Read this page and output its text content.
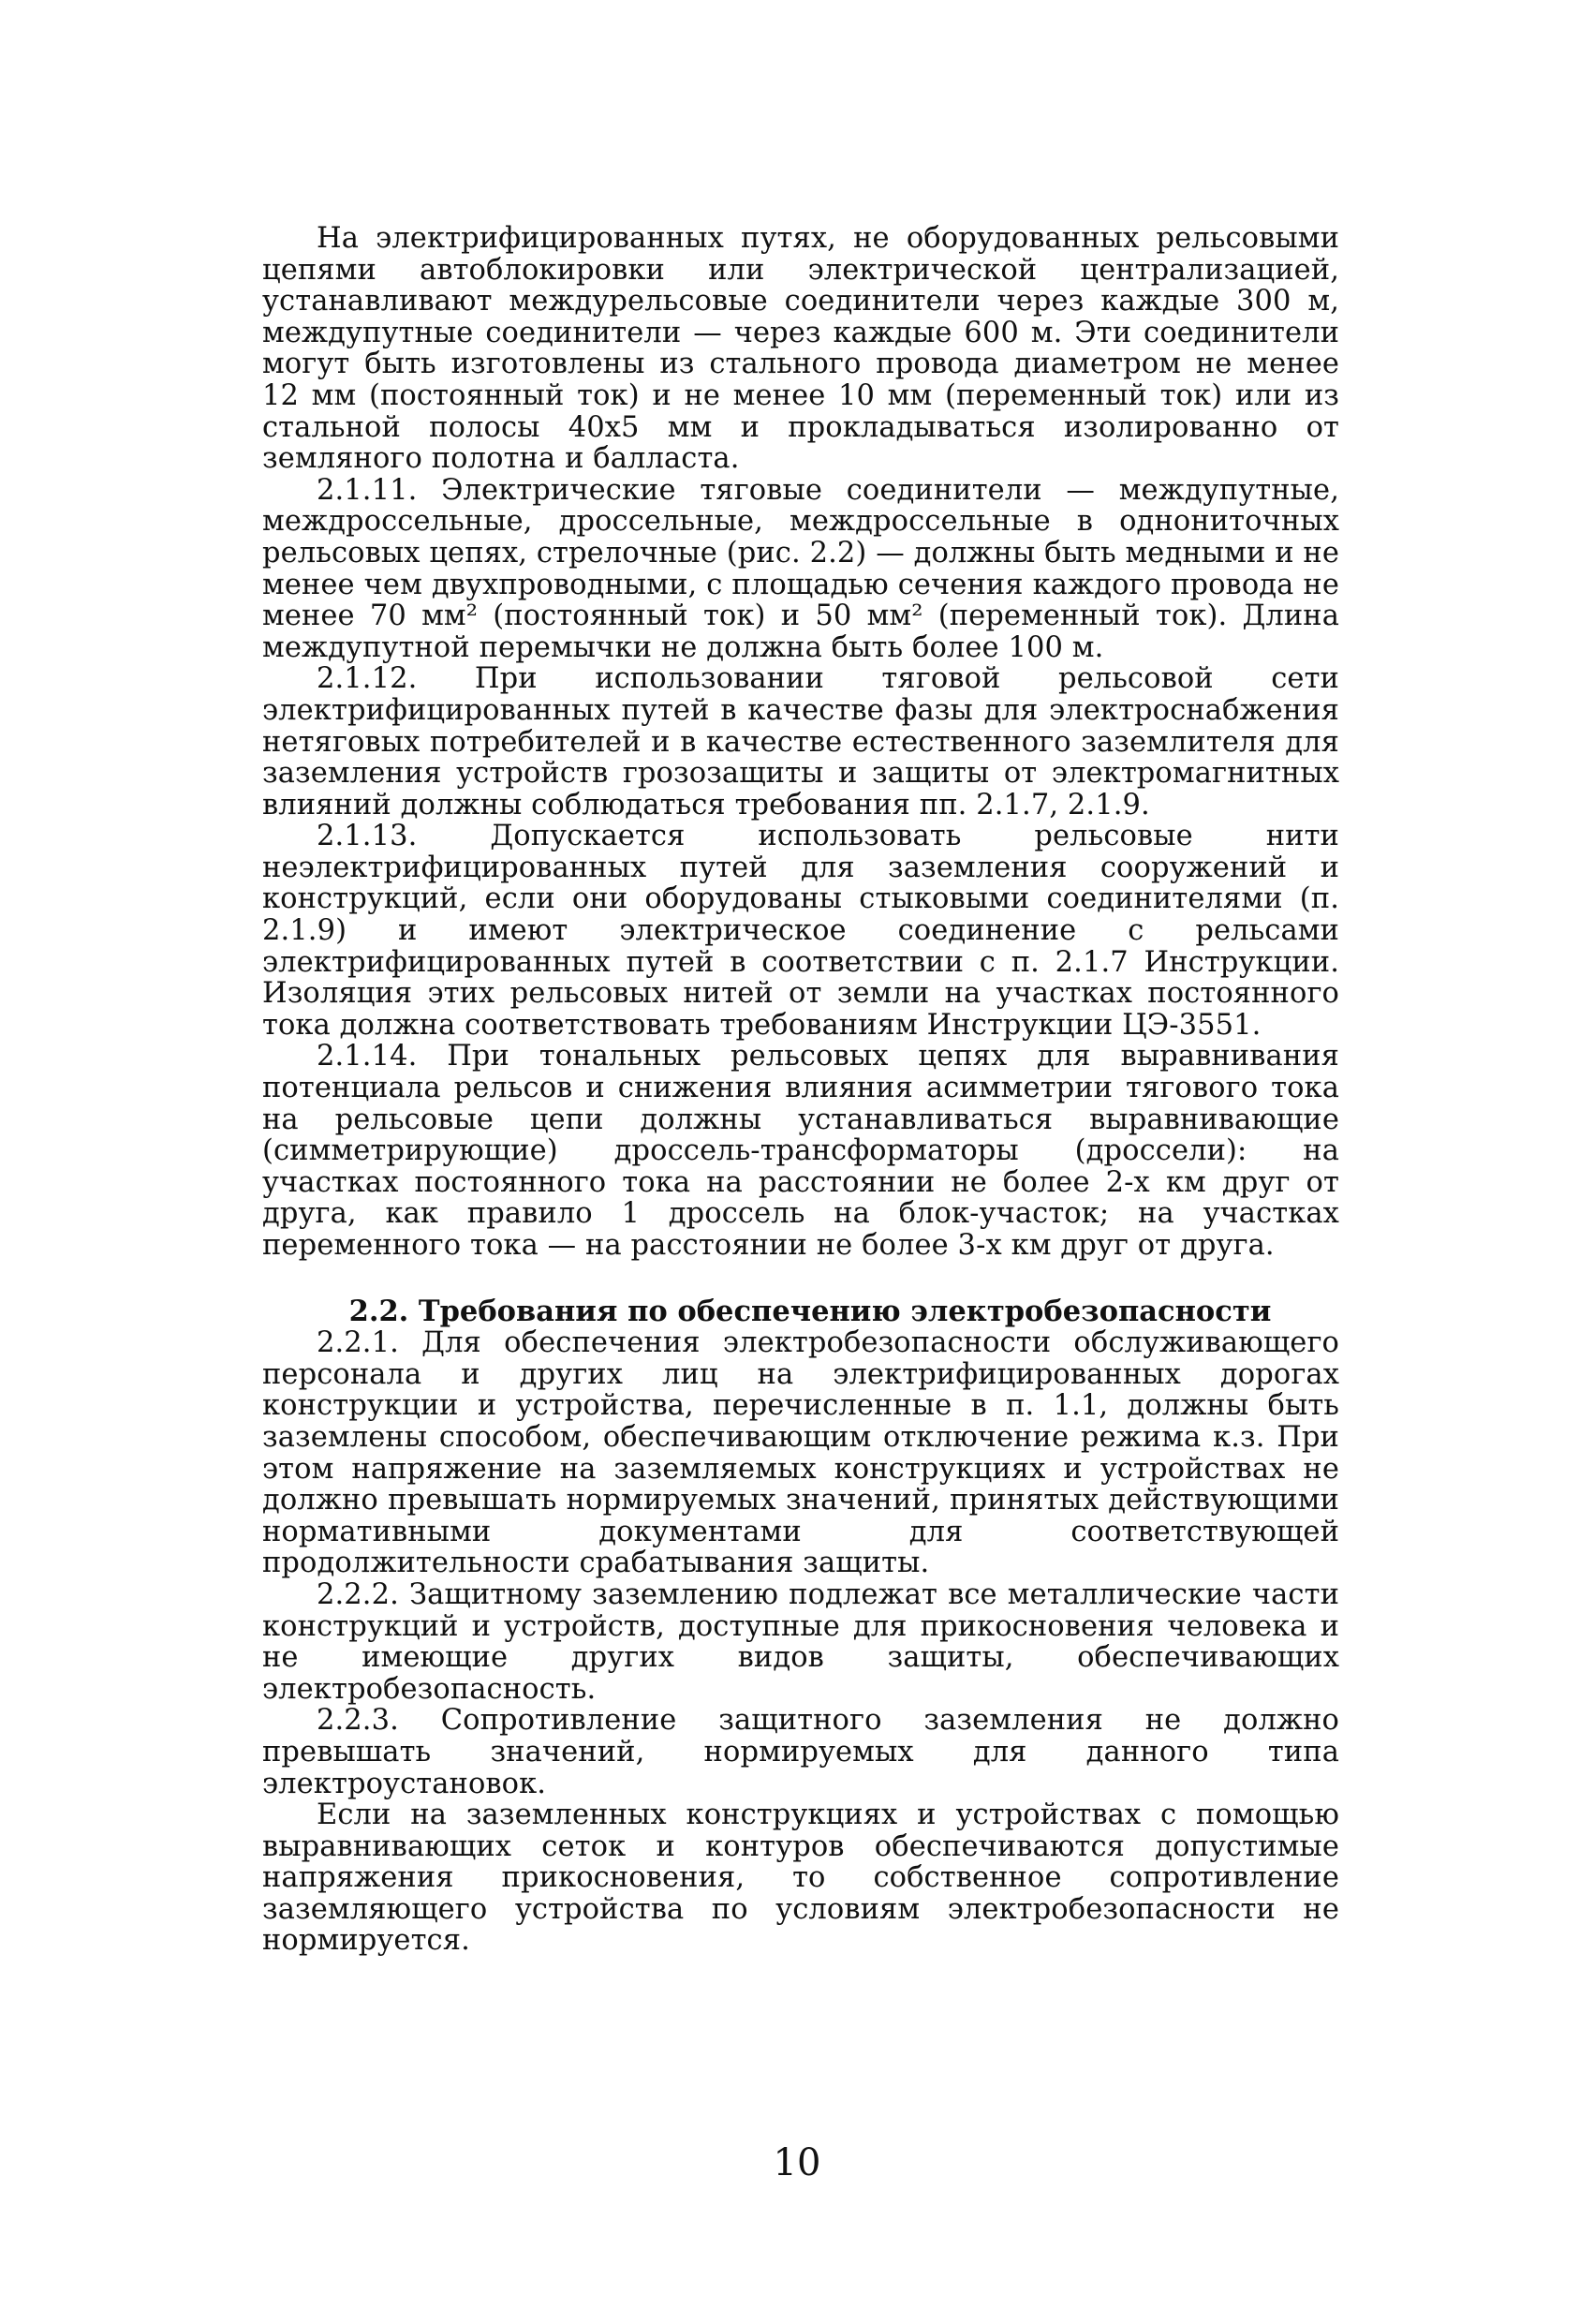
На электрифицированных путях, не оборудованных рельсовыми цепями автоблокировки или электрической централизацией, устанавливают междурельсовые соединители через каждые 300 м, междупутные соединители — через каждые 600 м. Эти соединители могут быть изготовлены из стального провода диаметром не менее 12 мм (постоянный ток) и не менее 10 мм (переменный ток) или из стальной полосы 40x5 мм и прокладываться изолированно от земляного полотна и балласта.

2.1.11. Электрические тяговые соединители — междупутные, междроссельные, дроссельные, междроссельные в однониточных рельсовых цепях, стрелочные (рис. 2.2) — должны быть медными и не менее чем двухпроводными, с площадью сечения каждого провода не менее 70 мм² (постоянный ток) и 50 мм² (переменный ток). Длина междупутной перемычки не должна быть более 100 м.

2.1.12. При использовании тяговой рельсовой сети электрифицированных путей в качестве фазы для электроснабжения нетяговых потребителей и в качестве естественного заземлителя для заземления устройств грозозащиты и защиты от электромагнитных влияний должны соблюдаться требования пп. 2.1.7, 2.1.9.

2.1.13. Допускается использовать рельсовые нити неэлектрифицированных путей для заземления сооружений и конструкций, если они оборудованы стыковыми соединителями (п. 2.1.9) и имеют электрическое соединение с рельсами электрифицированных путей в соответствии с п. 2.1.7 Инструкции. Изоляция этих рельсовых нитей от земли на участках постоянного тока должна соответствовать требованиям Инструкции ЦЭ-3551.

2.1.14. При тональных рельсовых цепях для выравнивания потенциала рельсов и снижения влияния асимметрии тягового тока на рельсовые цепи должны устанавливаться выравнивающие (симметрирующие) дроссель-трансформаторы (дроссели): на участках постоянного тока на расстоянии не более 2-х км друг от друга, как правило 1 дроссель на блок-участок; на участках переменного тока — на расстоянии не более 3-х км друг от друга.

2.2. Требования по обеспечению электробезопасности

2.2.1. Для обеспечения электробезопасности обслуживающего персонала и других лиц на электрифицированных дорогах конструкции и устройства, перечисленные в п. 1.1, должны быть заземлены способом, обеспечивающим отключение режима к.з. При этом напряжение на заземляемых конструкциях и устройствах не должно превышать нормируемых значений, принятых действующими нормативными документами для соответствующей продолжительности срабатывания защиты.

2.2.2. Защитному заземлению подлежат все металлические части конструкций и устройств, доступные для прикосновения человека и не имеющие других видов защиты, обеспечивающих электробезопасность.

2.2.3. Сопротивление защитного заземления не должно превышать значений, нормируемых для данного типа электроустановок.

Если на заземленных конструкциях и устройствах с помощью выравнивающих сеток и контуров обеспечиваются допустимые напряжения прикосновения, то собственное сопротивление заземляющего устройства по условиям электробезопасности не нормируется.

10
